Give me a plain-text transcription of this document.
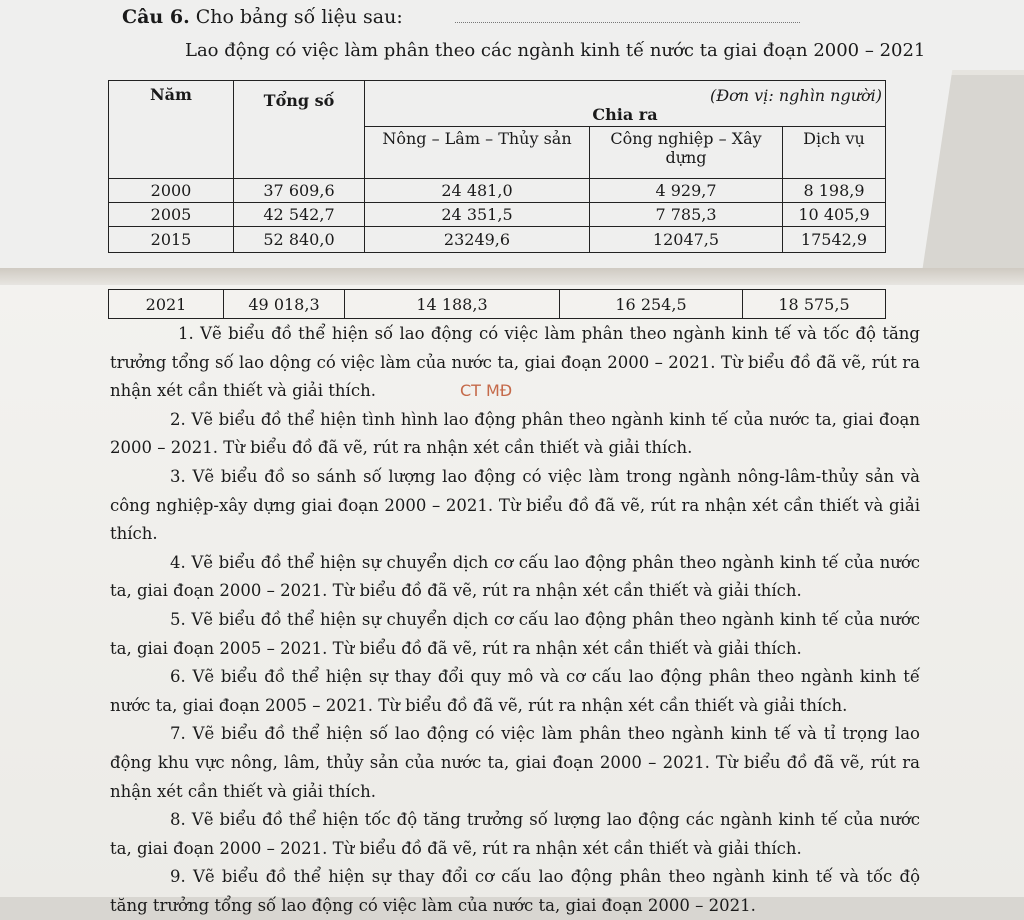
Câu 6. Cho bảng số liệu sau:
Lao động có việc làm phân theo các ngành kinh tế nước ta giai đoạn 2000 – 2021
Năm	Tổng số	Chia ra		
		Nông – Lâm – Thủy sản	Công nghiệp – Xây dựng	Dịch vụ
2000	37 609,6	24 481,0	4 929,7	8 198,9
2005	42 542,7	24 351,5	7 785,3	10 405,9
2015	52 840,0	23249,6	12047,5	17542,9
(Đơn vị: nghìn người)
2021	49 018,3	14 188,3	16 254,5	18 575,5

1. Vẽ biểu đồ thể hiện số lao động có việc làm phân theo ngành kinh tế và tốc độ tăng trưởng tổng số lao dộng có việc làm của nước ta, giai đoạn 2000 – 2021. Từ biểu đồ đã vẽ, rút ra nhận xét cần thiết và giải thích.	CT MĐ

2. Vẽ biểu đồ thể hiện tình hình lao động phân theo ngành kinh tế của nước ta, giai đoạn 2000 – 2021. Từ biểu đồ đã vẽ, rút ra nhận xét cần thiết và giải thích.

3. Vẽ biểu đồ so sánh số lượng lao động có việc làm trong ngành nông-lâm-thủy sản và công nghiệp-xây dựng giai đoạn 2000 – 2021. Từ biểu đồ đã vẽ, rút ra nhận xét cần thiết và giải thích.

4. Vẽ biểu đồ thể hiện sự chuyển dịch cơ cấu lao động phân theo ngành kinh tế của nước ta, giai đoạn 2000 – 2021. Từ biểu đồ đã vẽ, rút ra nhận xét cần thiết và giải thích.

5. Vẽ biểu đồ thể hiện sự chuyển dịch cơ cấu lao động phân theo ngành kinh tế của nước ta, giai đoạn 2005 – 2021. Từ biểu đồ đã vẽ, rút ra nhận xét cần thiết và giải thích.

6. Vẽ biểu đồ thể hiện sự thay đổi quy mô và cơ cấu lao động phân theo ngành kinh tế nước ta, giai đoạn 2005 – 2021. Từ biểu đồ đã vẽ, rút ra nhận xét cần thiết và giải thích.

7. Vẽ biểu đồ thể hiện số lao động có việc làm phân theo ngành kinh tế và tỉ trọng lao động khu vực nông, lâm, thủy sản của nước ta, giai đoạn 2000 – 2021. Từ biểu đồ đã vẽ, rút ra nhận xét cần thiết và giải thích.

8. Vẽ biểu đồ thể hiện tốc độ tăng trưởng số lượng lao động các ngành kinh tế của nước ta, giai đoạn 2000 – 2021. Từ biểu đồ đã vẽ, rút ra nhận xét cần thiết và giải thích.

9. Vẽ biểu đồ thể hiện sự thay đổi cơ cấu lao động phân theo ngành kinh tế và tốc độ tăng trưởng tổng số lao động có việc làm của nước ta, giai đoạn 2000 – 2021.
